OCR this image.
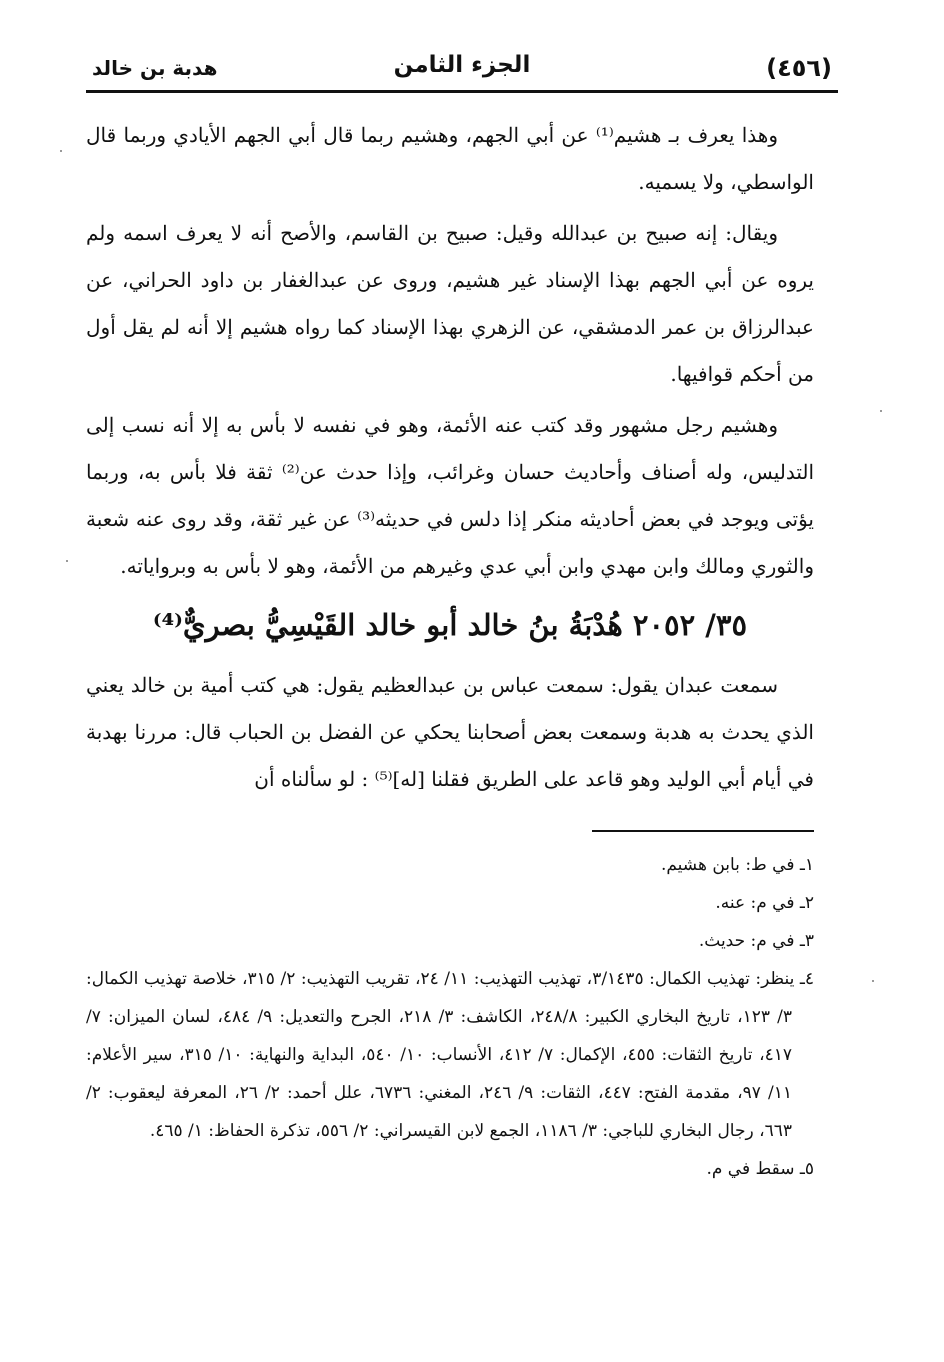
(٤٥٦)
الجزء الثامن
هدبة بن خالد

وهذا يعرف بـ هشيم⁽¹⁾ عن أبي الجهم، وهشيم ربما قال أبي الجهم الأيادي وربما قال الواسطي، ولا يسميه.

ويقال: إنه صبيح بن عبدالله وقيل: صبيح بن القاسم، والأصح أنه لا يعرف اسمه ولم يروه عن أبي الجهم بهذا الإسناد غير هشيم، وروى عن عبدالغفار بن داود الحراني، عن عبدالرزاق بن عمر الدمشقي، عن الزهري بهذا الإسناد كما رواه هشيم إلا أنه لم يقل أول من أحكم قوافيها.

وهشيم رجل مشهور وقد كتب عنه الأئمة، وهو في نفسه لا بأس به إلا أنه نسب إلى التدليس، وله أصناف وأحاديث حسان وغرائب، وإذا حدث عن⁽²⁾ ثقة فلا بأس به، وربما يؤتى ويوجد في بعض أحاديثه منكر إذا دلس في حديثه⁽³⁾ عن غير ثقة، وقد روى عنه شعبة والثوري ومالك وابن مهدي وابن أبي عدي وغيرهم من الأئمة، وهو لا بأس به وبرواياته.

٣٥/ ٢٠٥٢ هُدْبَةُ بنُ خالد أبو خالد القَيْسِيُّ بصريٌّ⁽⁴⁾

سمعت عبدان يقول: سمعت عباس بن عبدالعظيم يقول: هي كتب أمية بن خالد يعني الذي يحدث به هدبة وسمعت بعض أصحابنا يحكي عن الفضل بن الحباب قال: مررنا بهدبة في أيام أبي الوليد وهو قاعد على الطريق فقلنا [له]⁽⁵⁾ : لو سألناه أن

١ـ في ط: بابن هشيم.

٢ـ في م: عنه.

٣ـ في م: حديث.

٤ـ ينظر: تهذيب الكمال: ٣/١٤٣٥، تهذيب التهذيب: ١١/ ٢٤، تقريب التهذيب: ٢/ ٣١٥، خلاصة تهذيب الكمال: ٣/ ١٢٣، تاريخ البخاري الكبير: ٢٤٨/٨، الكاشف: ٣/ ٢١٨، الجرح والتعديل: ٩/ ٤٨٤، لسان الميزان: ٧/ ٤١٧، تاريخ الثقات: ٤٥٥، الإكمال: ٧/ ٤١٢، الأنساب: ١٠/ ٥٤٠، البداية والنهاية: ١٠/ ٣١٥، سير الأعلام: ١١/ ٩٧، مقدمة الفتح: ٤٤٧، الثقات: ٩/ ٢٤٦، المغني: ٦٧٣٦، علل أحمد: ٢/ ٢٦، المعرفة ليعقوب: ٢/ ٦٦٣، رجال البخاري للباجي: ٣/ ١١٨٦، الجمع لابن القيسراني: ٢/ ٥٥٦، تذكرة الحفاظ: ١/ ٤٦٥.

٥ـ سقط في م.
